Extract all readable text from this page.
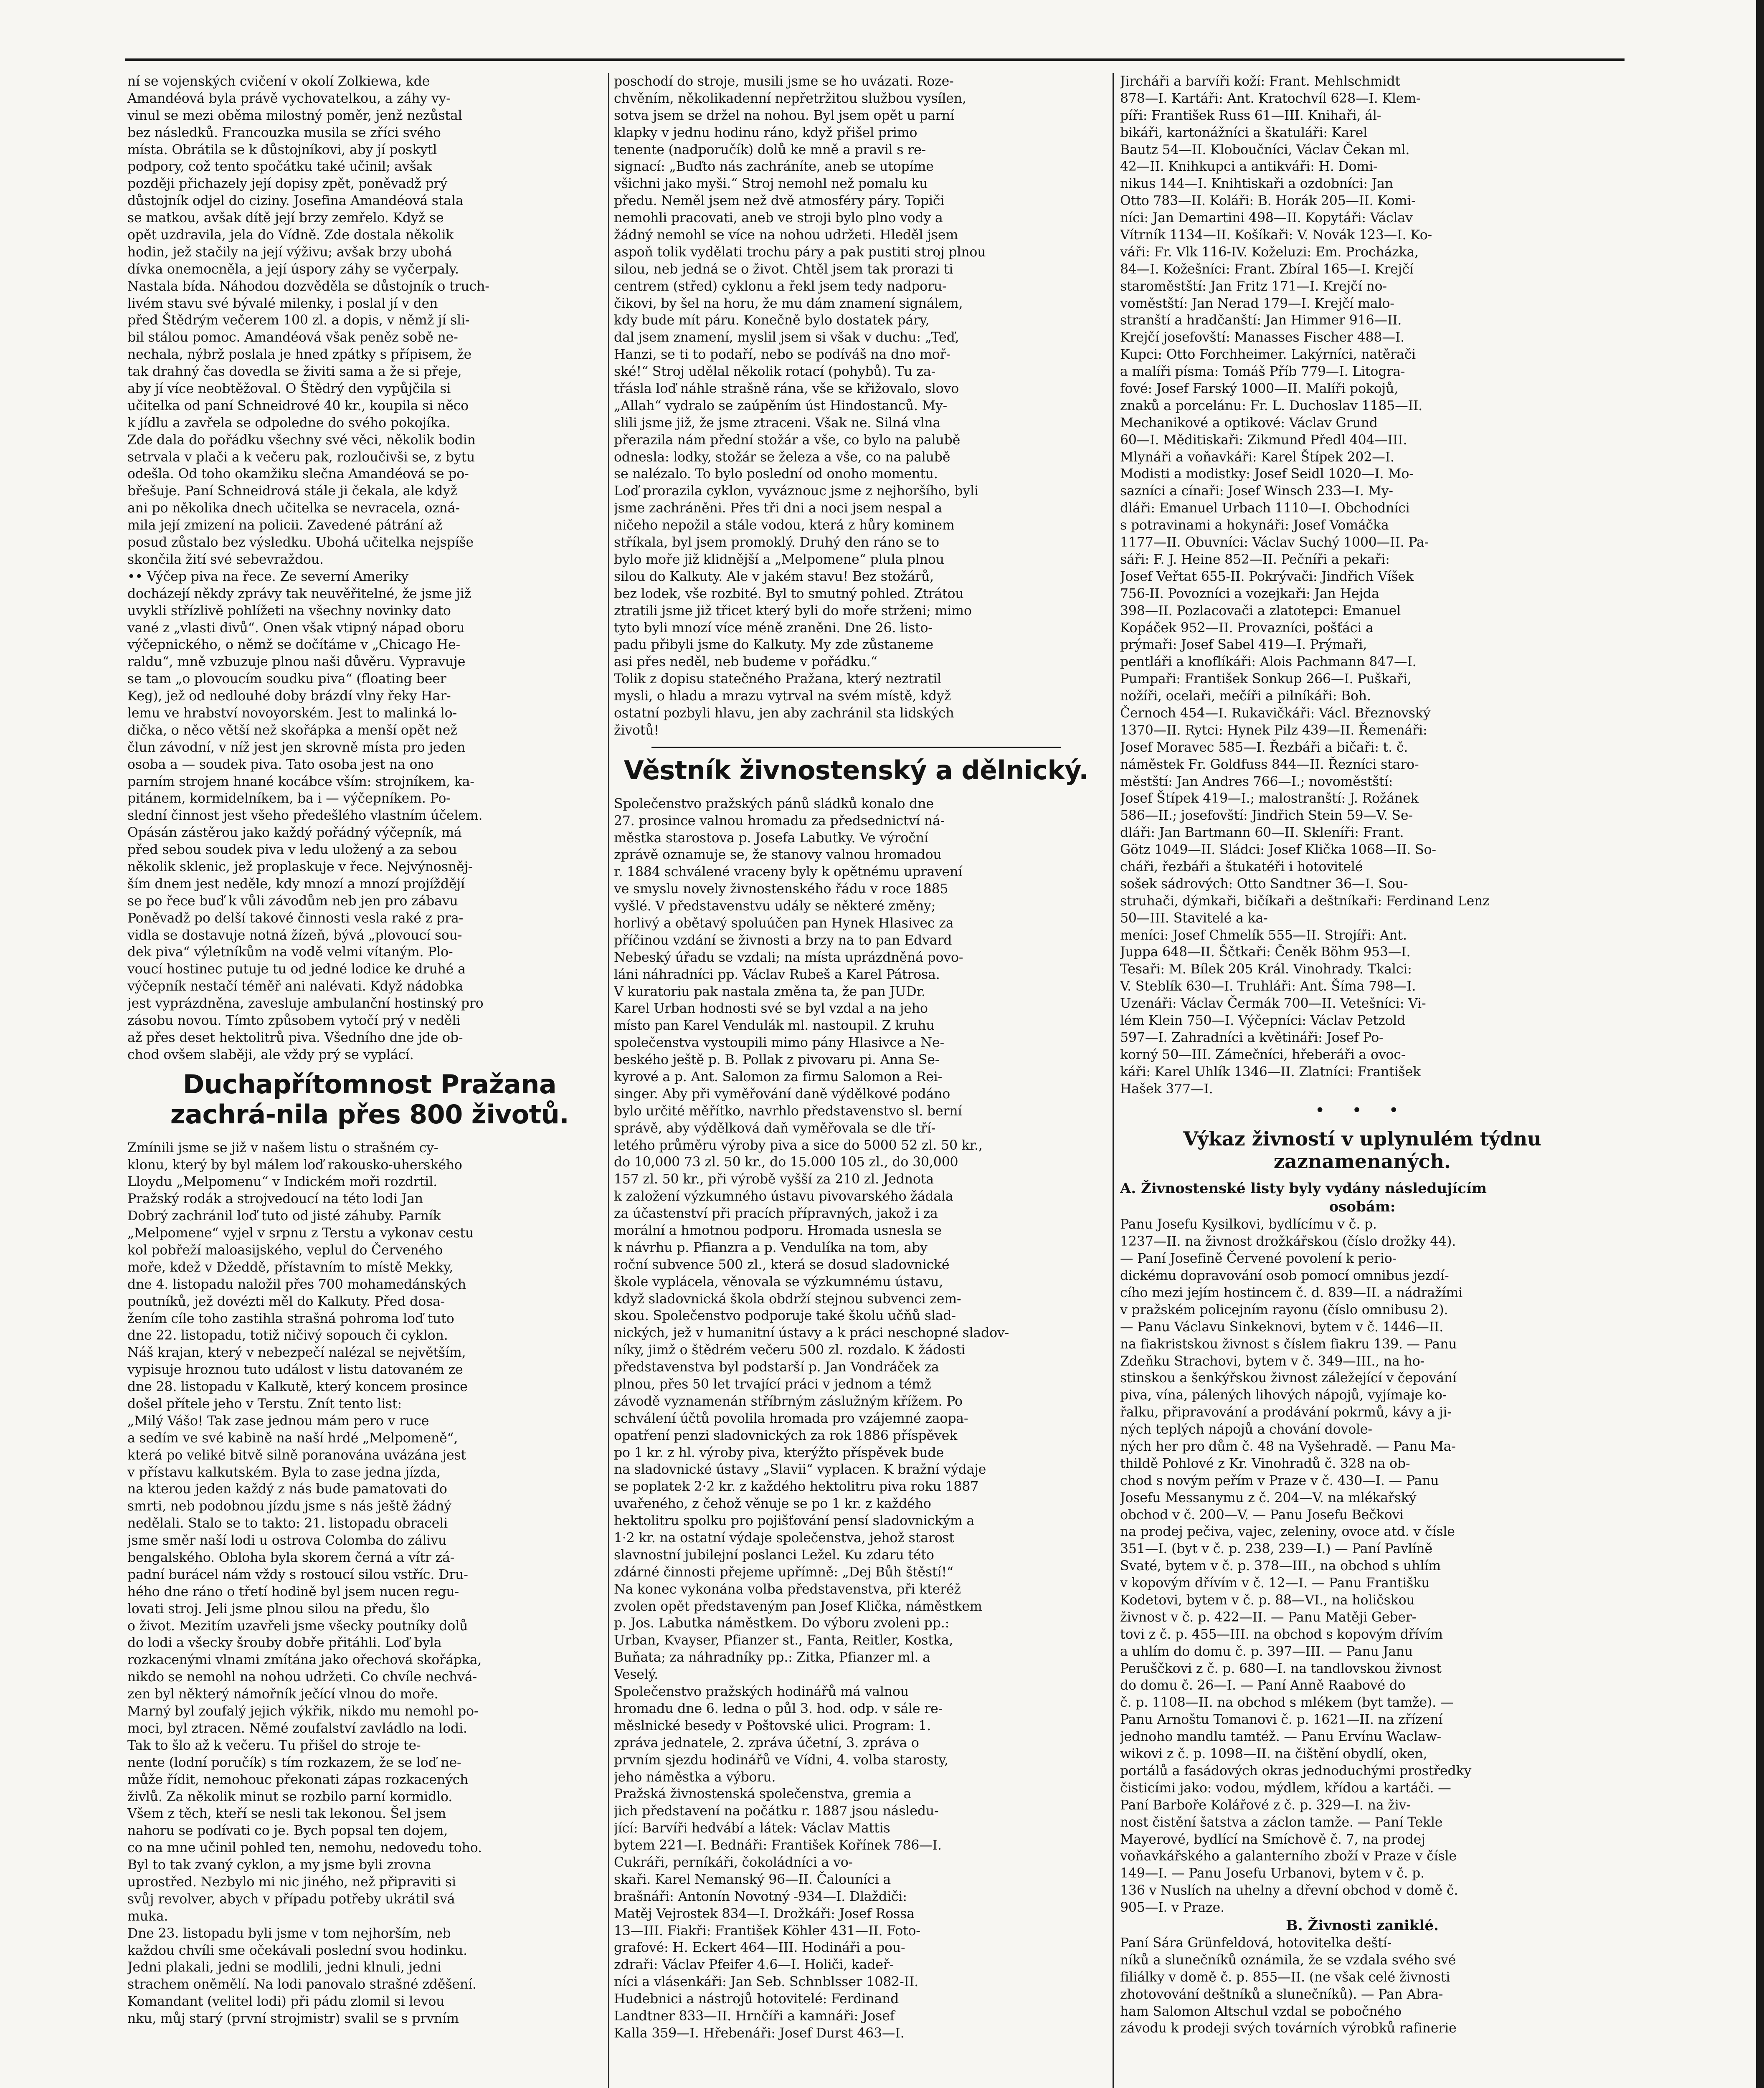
ní se vojenských cvičení v okolí Zolkiewa, kde
Amandéová byla právě vychovatelkou, a záhy vy-
vinul se mezi oběma milostný poměr, jenž nezůstal
bez následků. Francouzka musila se zříci svého
místa. Obrátila se k důstojníkovi, aby jí poskytl
podpory, což tento spočátku také učinil; avšak
později přichazely její dopisy zpět, poněvadž prý
důstojník odjel do ciziny. Josefina Amandéová stala
se matkou, avšak dítě její brzy zemřelo. Když se
opět uzdravila, jela do Vídně. Zde dostala několik
hodin, jež stačily na její výživu; avšak brzy ubohá
dívka onemocněla, a její úspory záhy se vyčerpaly.
Nastala bída. Náhodou dozvěděla se důstojník o truch-
livém stavu své bývalé milenky, i poslal jí v den
před Štědrým večerem 100 zl. a dopis, v němž jí sli-
bil stálou pomoc. Amandéová však peněz sobě ne-
nechala, nýbrž poslala je hned zpátky s přípisem, že
tak drahný čas dovedla se živiti sama a že si přeje,
aby jí více neobtěžoval. O Štědrý den vypůjčila si
učitelka od paní Schneidrové 40 kr., koupila si něco
k jídlu a zavřela se odpoledne do svého pokojíka.
Zde dala do pořádku všechny své věci, několik bodin
setrvala v plači a k večeru pak, rozloučivši se, z bytu
odešla. Od toho okamžiku slečna Amandéová se po-
břešuje. Paní Schneidrová stále ji čekala, ale když
ani po několika dnech učitelka se nevracela, ozná-
mila její zmizení na policii. Zavedené pátrání až
posud zůstalo bez výsledku. Ubohá učitelka nejspíše
skončila žití své sebevraždou.
•• Výčep piva na řece. Ze severní Ameriky
docházejí někdy zprávy tak neuvěřitelné, že jsme již
uvykli střízlivě pohlížeti na všechny novinky dato
vané z „vlasti divů“. Onen však vtipný nápad oboru
výčepnického, o němž se dočítáme v „Chicago He-
raldu“, mně vzbuzuje plnou naši důvěru. Vypravuje
se tam „o plovoucím soudku piva“ (floating beer
Keg), jež od nedlouhé doby brázdí vlny řeky Har-
lemu ve hrabství novoyorském. Jest to malinká lo-
dička, o něco větší než skořápka a menší opět než
člun závodní, v níž jest jen skrovně místa pro jeden
osoba a — soudek piva. Tato osoba jest na ono
parním strojem hnané kocábce vším: strojníkem, ka-
pitánem, kormidelníkem, ba i — výčepníkem. Po-
slední činnost jest všeho předešlého vlastním účelem.
Opásán zástěrou jako každý pořádný výčepník, má
před sebou soudek piva v ledu uložený a za sebou
několik sklenic, jež proplaskuje v řece. Nejvýnosněj-
ším dnem jest neděle, kdy mnozí a mnozí projíždějí
se po řece buď k vůli závodům neb jen pro zábavu
Poněvadž po delší takové činnosti vesla raké z pra-
vidla se dostavuje notná žízeň, bývá „plovoucí sou-
dek piva“ výletníkům na vodě velmi vítaným. Plo-
voucí hostinec putuje tu od jedné lodice ke druhé a
výčepník nestačí téměř ani nalévati. Když nádobka
jest vyprázdněna, zavesluje ambulanční hostinský pro
zásobu novou. Tímto způsobem vytočí prý v neděli
až přes deset hektolitrů piva. Všedního dne jde ob-
chod ovšem slaběji, ale vždy prý se vyplácí.
Duchapřítomnost Pražana zachrá-nila přes 800 životů.
Zmínili jsme se již v našem listu o strašném cy-
klonu, který by byl málem loď rakousko-uherského
Lloydu „Melpomenu“ v Indickém moři rozdrtil.
Pražský rodák a strojvedoucí na této lodi Jan
Dobrý zachránil loď tuto od jisté záhuby. Parník
„Melpomene“ vyjel v srpnu z Terstu a vykonav cestu
kol pobřeží maloasijského, veplul do Červeného
moře, kdež v Džeddě, přístavním to místě Mekky,
dne 4. listopadu naložil přes 700 mohamedánských
poutníků, jež dovézti měl do Kalkuty. Před dosa-
žením cíle toho zastihla strašná pohroma loď tuto
dne 22. listopadu, totiž ničivý sopouch či cyklon.
Náš krajan, který v nebezpečí nalézal se největším,
vypisuje hroznou tuto událost v listu datovaném ze
dne 28. listopadu v Kalkutě, který koncem prosince
došel přítele jeho v Terstu. Znít tento list:
„Milý Vášo! Tak zase jednou mám pero v ruce
a sedím ve své kabině na naší hrdé „Melpomeně“,
která po veliké bitvě silně poranována uvázána jest
v přístavu kalkutském. Byla to zase jedna jízda,
na kterou jeden každý z nás bude pamatovati do
smrti, neb podobnou jízdu jsme s nás ještě žádný
nedělali. Stalo se to takto: 21. listopadu obraceli
jsme směr naší lodi u ostrova Colomba do zálivu
bengalského. Obloha byla skorem černá a vítr zá-
padní burácel nám vždy s rostoucí silou vstříc. Dru-
hého dne ráno o třetí hodině byl jsem nucen regu-
lovati stroj. Jeli jsme plnou silou na předu, šlo
o život. Mezitím uzavřeli jsme všecky poutníky dolů
do lodi a všecky šrouby dobře přitáhli. Loď byla
rozkacenými vlnami zmítána jako ořechová skořápka,
nikdo se nemohl na nohou udržeti. Co chvíle nechvá-
zen byl některý námořník ječící vlnou do moře.
Marný byl zoufalý jejich výkřik, nikdo mu nemohl po-
moci, byl ztracen. Němé zoufalství zavládlo na lodi.
Tak to šlo až k večeru. Tu přišel do stroje te-
nente (lodní poručík) s tím rozkazem, že se loď ne-
může řídit, nemohouc překonati zápas rozkacených
živlů. Za několik minut se rozbilo parní kormidlo.
Všem z těch, kteří se nesli tak lekonou. Šel jsem
nahoru se podívati co je. Bych popsal ten dojem,
co na mne učinil pohled ten, nemohu, nedovedu toho.
Byl to tak zvaný cyklon, a my jsme byli zrovna
uprostřed. Nezbylo mi nic jiného, než připraviti si
svůj revolver, abych v případu potřeby ukrátil svá
muka.
Dne 23. listopadu byli jsme v tom nejhorším, neb
každou chvíli sme očekávali poslední svou hodinku.
Jedni plakali, jedni se modlili, jedni klnuli, jedni
strachem oněmělí. Na lodi panovalo strašné zděšení.
Komandant (velitel lodi) při pádu zlomil si levou
nku, můj starý (první strojmistr) svalil se s prvním
poschodí do stroje, musili jsme se ho uvázati. Roze-
chvěním, několikadenní nepřetržitou službou vysílen,
sotva jsem se držel na nohou. Byl jsem opět u parní
klapky v jednu hodinu ráno, když přišel primo
tenente (nadporučík) dolů ke mně a pravil s re-
signací: „Buďto nás zachráníte, aneb se utopíme
všichni jako myši.“ Stroj nemohl než pomalu ku
předu. Neměl jsem než dvě atmosféry páry. Topiči
nemohli pracovati, aneb ve stroji bylo plno vody a
žádný nemohl se více na nohou udržeti. Hleděl jsem
aspoň tolik vydělati trochu páry a pak pustiti stroj plnou
silou, neb jedná se o život. Chtěl jsem tak prorazi ti
centrem (střed) cyklonu a řekl jsem tedy nadporu-
čikovi, by šel na horu, že mu dám znamení signálem,
kdy bude mít páru. Konečně bylo dostatek páry,
dal jsem znamení, myslil jsem si však v duchu: „Teď,
Hanzi, se ti to podaří, nebo se podíváš na dno moř-
ské!“ Stroj udělal několik rotací (pohybů). Tu za-
třásla loď náhle strašně rána, vše se křižovalo, slovo
„Allah“ vydralo se zaúpěním úst Hindostanců. My-
slili jsme již, že jsme ztraceni. Však ne. Silná vlna
přerazila nám přední stožár a vše, co bylo na palubě
odnesla: lodky, stožár se železa a vše, co na palubě
se nalézalo. To bylo poslední od onoho momentu.
Loď prorazila cyklon, vyváznouc jsme z nejhoršího, byli
jsme zachráněni. Přes tři dni a noci jsem nespal a
ničeho nepožil a stále vodou, která z hůry kominem
stříkala, byl jsem promoklý. Druhý den ráno se to
bylo moře již klidnější a „Melpomene“ plula plnou
silou do Kalkuty. Ale v jakém stavu! Bez stožárů,
bez lodek, vše rozbité. Byl to smutný pohled. Ztrátou
ztratili jsme již třicet který byli do moře strženi; mimo
tyto byli mnozí více méně zraněni. Dne 26. listo-
padu přibyli jsme do Kalkuty. My zde zůstaneme
asi přes neděl, neb budeme v pořádku.“
Tolik z dopisu statečného Pražana, který neztratil
mysli, o hladu a mrazu vytrval na svém místě, když
ostatní pozbyli hlavu, jen aby zachránil sta lidských
životů!
Věstník živnostenský a dělnický.
Společenstvo pražských pánů sládků konalo dne
27. prosince valnou hromadu za předsednictví ná-
městka starostova p. Josefa Labutky. Ve výroční
zprávě oznamuje se, že stanovy valnou hromadou
r. 1884 schválené vraceny byly k opětnému upravení
ve smyslu novely živnostenského řádu v roce 1885
vyšlé. V představenstvu udály se některé změny;
horlivý a obětavý spoluúčen pan Hynek Hlasivec za
příčinou vzdání se živnosti a brzy na to pan Edvard
Nebeský úřadu se vzdali; na místa uprázdněná povo-
láni náhradníci pp. Václav Rubeš a Karel Pátrosa.
V kuratoriu pak nastala změna ta, že pan JUDr.
Karel Urban hodnosti své se byl vzdal a na jeho
místo pan Karel Vendulák ml. nastoupil. Z kruhu
společenstva vystoupili mimo pány Hlasivce a Ne-
beského ještě p. B. Pollak z pivovaru pi. Anna Se-
kyrové a p. Ant. Salomon za firmu Salomon a Rei-
singer. Aby při vyměřování daně výdělkové podáno
bylo určité měřítko, navrhlo představenstvo sl. berní
správě, aby výdělková daň vyměřovala se dle tří-
letého průměru výroby piva a sice do 5000 52 zl. 50 kr.,
do 10,000 73 zl. 50 kr., do 15.000 105 zl., do 30,000
157 zl. 50 kr., při výrobě vyšší za 210 zl. Jednota
k založení výzkumného ústavu pivovarského žádala
za účastenství při pracích přípravných, jakož i za
morální a hmotnou podporu. Hromada usnesla se
k návrhu p. Pfianzra a p. Vendulíka na tom, aby
roční subvence 500 zl., která se dosud sladovnické
škole vyplácela, věnovala se výzkumnému ústavu,
když sladovnická škola obdrží stejnou subvenci zem-
skou. Společenstvo podporuje také školu učňů slad-
nických, jež v humanitní ústavy a k práci neschopné sladov-
níky, jimž o štědrém večeru 500 zl. rozdalo. K žádosti
představenstva byl podstarší p. Jan Vondráček za
plnou, přes 50 let trvající práci v jednom a témž
závodě vyznamenán stříbrným záslužným křížem. Po
schválení účtů povolila hromada pro vzájemné zaopa-
opatření penzi sladovnických za rok 1886 příspěvek
po 1 kr. z hl. výroby piva, kterýžto příspěvek bude
na sladovnické ústavy „Slavii“ vyplacen. K bražní výdaje
se poplatek 2·2 kr. z každého hektolitru piva roku 1887
uvařeného, z čehož věnuje se po 1 kr. z každého
hektolitru spolku pro pojišťování pensí sladovnickým a
1·2 kr. na ostatní výdaje společenstva, jehož starost
slavnostní jubilejní poslanci Ležel. Ku zdaru této
zdárné činnosti přejeme upřímně: „Dej Bůh štěstí!“
Na konec vykonána volba představenstva, při kteréž
zvolen opět představeným pan Josef Klička, náměstkem
p. Jos. Labutka náměstkem. Do výboru zvoleni pp.:
Urban, Kvayser, Pfianzer st., Fanta, Reitler, Kostka,
Buňata; za náhradníky pp.: Zitka, Pfianzer ml. a
Veselý.
Společenstvo pražských hodinářů má valnou
hromadu dne 6. ledna o půl 3. hod. odp. v sále re-
měslnické besedy v Poštovské ulici. Program: 1.
zpráva jednatele, 2. zpráva účetní, 3. zpráva o
prvním sjezdu hodinářů ve Vídni, 4. volba starosty,
jeho náměstka a výboru.
Pražská živnostenská společenstva, gremia a
jich představení na počátku r. 1887 jsou následu-
jící: Barvíři hedvábí a látek: Václav Mattis
bytem 221—I. Bednáři: František Kořínek 786—I.
Cukráři, perníkáři, čokoládníci a vo-
skaři. Karel Nemanský 96—II. Čalouníci a
brašnáři: Antonín Novotný -934—I. Dlaždiči:
Matěj Vejrostek 834—I. Drožkáři: Josef Rossa
13—III. Fiakři: František Köhler 431—II. Foto-
grafové: H. Eckert 464—III. Hodináři a pou-
zdraři: Václav Pfeifer 4.6—I. Holiči, kadeř-
níci a vlásenkáři: Jan Seb. Schnblsser 1082-II.
Hudebnici a nástrojů hotovitelé: Ferdinand
Landtner 833—II. Hrnčíři a kamnáři: Josef
Kalla 359—I. Hřebenáři: Josef Durst 463—I.
Jircháři a barvíři koží: Frant. Mehlschmidt
878—I. Kartáři: Ant. Kratochvíl 628—I. Klem-
píři: František Russ 61—III. Knihaři, ál-
bikáři, kartonážníci a škatuláři: Karel
Bautz 54—II. Kloboučníci, Václav Čekan ml.
42—II. Knihkupci a antikváři: H. Domi-
nikus 144—I. Knihtiskaři a ozdobníci: Jan
Otto 783—II. Koláři: B. Horák 205—II. Komi-
níci: Jan Demartini 498—II. Kopytáři: Václav
Vítrník 1134—II. Košíkaři: V. Novák 123—I. Ko-
váři: Fr. Vlk 116-IV. Koželuzi: Em. Procházka,
84—I. Kožešníci: Frant. Zbíral 165—I. Krejčí
staroměstští: Jan Fritz 171—I. Krejčí no-
voměstští: Jan Nerad 179—I. Krejčí malo-
stranští a hradčanští: Jan Himmer 916—II.
Krejčí josefovští: Manasses Fischer 488—I.
Kupci: Otto Forchheimer. Lakýrníci, natěrači
a malíři písma: Tomáš Příb 779—I. Litogra-
fové: Josef Farský 1000—II. Malíři pokojů,
znaků a porcelánu: Fr. L. Duchoslav 1185—II.
Mechanikové a optikové: Václav Grund
60—I. Měditiskaři: Zikmund Předl 404—III.
Mlynáři a voňavkáři: Karel Štípek 202—I.
Modisti a modistky: Josef Seidl 1020—I. Mo-
sazníci a cínaři: Josef Winsch 233—I. My-
dláři: Emanuel Urbach 1110—I. Obchodníci
s potravinami a hokynáři: Josef Vomáčka
1177—II. Obuvníci: Václav Suchý 1000—II. Pa-
sáři: F. J. Heine 852—II. Pečníři a pekaři:
Josef Veřtat 655-II. Pokrývači: Jindřich Víšek
756-II. Povozníci a vozejkaři: Jan Hejda
398—II. Pozlacovači a zlatotepci: Emanuel
Kopáček 952—II. Provazníci, pošťáci a
prýmaři: Josef Sabel 419—I. Prýmaři,
pentláři a knoflíkáři: Alois Pachmann 847—I.
Pumpaři: František Sonkup 266—I. Puškaři,
nožíři, ocelaři, mečíři a pilníkáři: Boh.
Černoch 454—I. Rukavičkáři: Václ. Březnovský
1370—II. Rytci: Hynek Pilz 439—II. Řemenáři:
Josef Moravec 585—I. Řezbáři a bičaři: t. č.
náměstek Fr. Goldfuss 844—II. Řezníci staro-
městští: Jan Andres 766—I.; novoměstští:
Josef Štípek 419—I.; malostranští: J. Rožánek
586—II.; josefovští: Jindřich Stein 59—V. Se-
dláři: Jan Bartmann 60—II. Skleníři: Frant.
Götz 1049—II. Sládci: Josef Klička 1068—II. So-
cháři, řezbáři a štukatéři i hotovitelé
sošek sádrových: Otto Sandtner 36—I. Sou-
struhači, dýmkaři, bičíkaři a deštníkaři: Ferdinand Lenz
50—III. Stavitelé a ka-
meníci: Josef Chmelík 555—II. Strojíři: Ant.
Juppa 648—II. Ščtkaři: Čeněk Böhm 953—I.
Tesaři: M. Bílek 205 Král. Vinohrady. Tkalci:
V. Steblík 630—I. Truhláři: Ant. Šíma 798—I.
Uzenáři: Václav Čermák 700—II. Vetešníci: Vi-
lém Klein 750—I. Výčepníci: Václav Petzold
597—I. Zahradníci a květináři: Josef Po-
korný 50—III. Zámečníci, hřeberáři a ovoc-
káři: Karel Uhlík 1346—II. Zlatníci: František
Hašek 377—I.
• • •
Výkaz živností v uplynulém týdnu zaznamenaných.
A. Živnostenské listy byly vydány následujícím
osobám:
Panu Josefu Kysilkovi, bydlícímu v č. p.
1237—II. na živnost drožkářskou (číslo drožky 44).
— Paní Josefině Červené povolení k perio-
dickému dopravování osob pomocí omnibus jezdí-
cího mezi jejím hostincem č. d. 839—II. a nádražími
v pražském policejním rayonu (číslo omnibusu 2).
— Panu Václavu Sinkeknovi, bytem v č. 1446—II.
na fiakristskou živnost s číslem fiakru 139. — Panu
Zdeňku Strachovi, bytem v č. 349—III., na ho-
stinskou a šenkýřskou živnost záležející v čepování
piva, vína, pálených lihových nápojů, vyjímaje ko-
řalku, připravování a prodávání pokrmů, kávy a ji-
ných teplých nápojů a chování dovole-
ných her pro dům č. 48 na Vyšehradě. — Panu Ma-
thildě Pohlové z Kr. Vinohradů č. 328 na ob-
chod s novým peřím v Praze v č. 430—I. — Panu
Josefu Messanymu z č. 204—V. na mlékařský
obchod v č. 200—V. — Panu Josefu Bečkovi
na prodej pečiva, vajec, zeleniny, ovoce atd. v čísle
351—I. (byt v č. p. 238, 239—I.) — Paní Pavlíně
Svaté, bytem v č. p. 378—III., na obchod s uhlím
v kopovým dřívím v č. 12—I. — Panu Františku
Kodetovi, bytem v č. p. 88—VI., na holičskou
živnost v č. p. 422—II. — Panu Matěji Geber-
tovi z č. p. 455—III. na obchod s kopovým dřívím
a uhlím do domu č. p. 397—III. — Panu Janu
Peruščkovi z č. p. 680—I. na tandlovskou živnost
do domu č. 26—I. — Paní Anně Raabové do
č. p. 1108—II. na obchod s mlékem (byt tamže). —
Panu Arnoštu Tomanovi č. p. 1621—II. na zřízení
jednoho mandlu tamtéž. — Panu Ervínu Waclaw-
wikovi z č. p. 1098—II. na čištění obydlí, oken,
portálů a fasádových okras jednoduchými prostředky
čisticími jako: vodou, mýdlem, křídou a kartáči. —
Paní Barboře Kolářové z č. p. 329—I. na živ-
nost čistění šatstva a záclon tamže. — Paní Tekle
Mayerové, bydlící na Smíchově č. 7, na prodej
voňavkářského a galanterního zboží v Praze v čísle
149—I. — Panu Josefu Urbanovi, bytem v č. p.
136 v Nuslích na uhelny a dřevní obchod v domě č.
905—I. v Praze.
B. Živnosti zaniklé.
Paní Sára Grünfeldová, hotovitelka deští-
níků a slunečníků oznámila, že se vzdala svého své
filiálky v domě č. p. 855—II. (ne však celé živnosti
zhotovování deštníků a slunečníků). — Pan Abra-
ham Salomon Altschul vzdal se pobočného
závodu k prodeji svých továrních výrobků rafinerie
